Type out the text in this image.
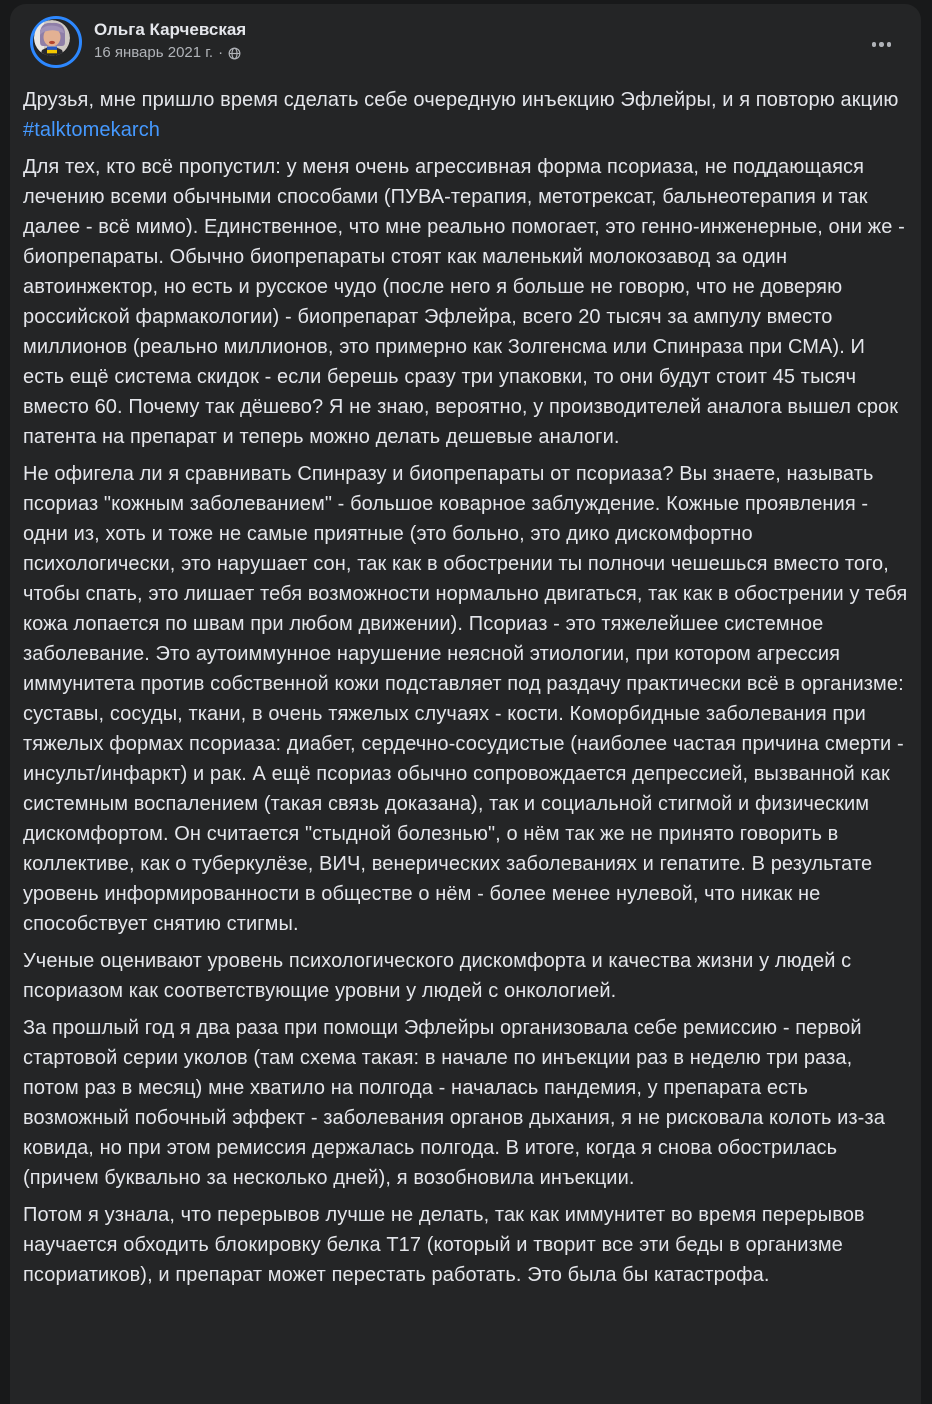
Ольга Карчевская
16 январь 2021 г. ·

Друзья, мне пришло время сделать себе очередную инъекцию Эфлейры, и я повторю акцию #talktomekarch

Для тех, кто всё пропустил: у меня очень агрессивная форма псориаза, не поддающаяся лечению всеми обычными способами (ПУВА-терапия, метотрексат, бальнеотерапия и так далее - всё мимо). Единственное, что мне реально помогает, это генно-инженерные, они же - биопрепараты. Обычно биопрепараты стоят как маленький молокозавод за один автоинжектор, но есть и русское чудо (после него я больше не говорю, что не доверяю российской фармакологии) - биопрепарат Эфлейра, всего 20 тысяч за ампулу вместо миллионов (реально миллионов, это примерно как Золгенсма или Спинраза при СМА). И есть ещё система скидок - если берешь сразу три упаковки, то они будут стоит 45 тысяч вместо 60. Почему так дёшево? Я не знаю, вероятно, у производителей аналога вышел срок патента на препарат и теперь можно делать дешевые аналоги.

Не офигела ли я сравнивать Спинразу и биопрепараты от псориаза? Вы знаете, называть псориаз "кожным заболеванием" - большое коварное заблуждение. Кожные проявления - одни из, хоть и тоже не самые приятные (это больно, это дико дискомфортно психологически, это нарушает сон, так как в обострении ты полночи чешешься вместо того, чтобы спать, это лишает тебя возможности нормально двигаться, так как в обострении у тебя кожа лопается по швам при любом движении). Псориаз - это тяжелейшее системное заболевание. Это аутоиммунное нарушение неясной этиологии, при котором агрессия иммунитета против собственной кожи подставляет под раздачу практически всё в организме: суставы, сосуды, ткани, в очень тяжелых случаях - кости. Коморбидные заболевания при тяжелых формах псориаза: диабет, сердечно-сосудистые (наиболее частая причина смерти - инсульт/инфаркт) и рак. А ещё псориаз обычно сопровождается депрессией, вызванной как системным воспалением (такая связь доказана), так и социальной стигмой и физическим дискомфортом. Он считается "стыдной болезнью", о нём так же не принято говорить в коллективе, как о туберкулёзе, ВИЧ, венерических заболеваниях и гепатите. В результате уровень информированности в обществе о нём - более менее нулевой, что никак не способствует снятию стигмы.

Ученые оценивают уровень психологического дискомфорта и качества жизни у людей с псориазом как соответствующие уровни у людей с онкологией.

За прошлый год я два раза при помощи Эфлейры организовала себе ремиссию - первой стартовой серии уколов (там схема такая: в начале по инъекции раз в неделю три раза, потом раз в месяц) мне хватило на полгода - началась пандемия, у препарата есть возможный побочный эффект - заболевания органов дыхания, я не рисковала колоть из-за ковида, но при этом ремиссия держалась полгода. В итоге, когда я снова обострилась (причем буквально за несколько дней), я возобновила инъекции.

Потом я узнала, что перерывов лучше не делать, так как иммунитет во время перерывов научается обходить блокировку белка Т17 (который и творит все эти беды в организме псориатиков), и препарат может перестать работать. Это была бы катастрофа.
